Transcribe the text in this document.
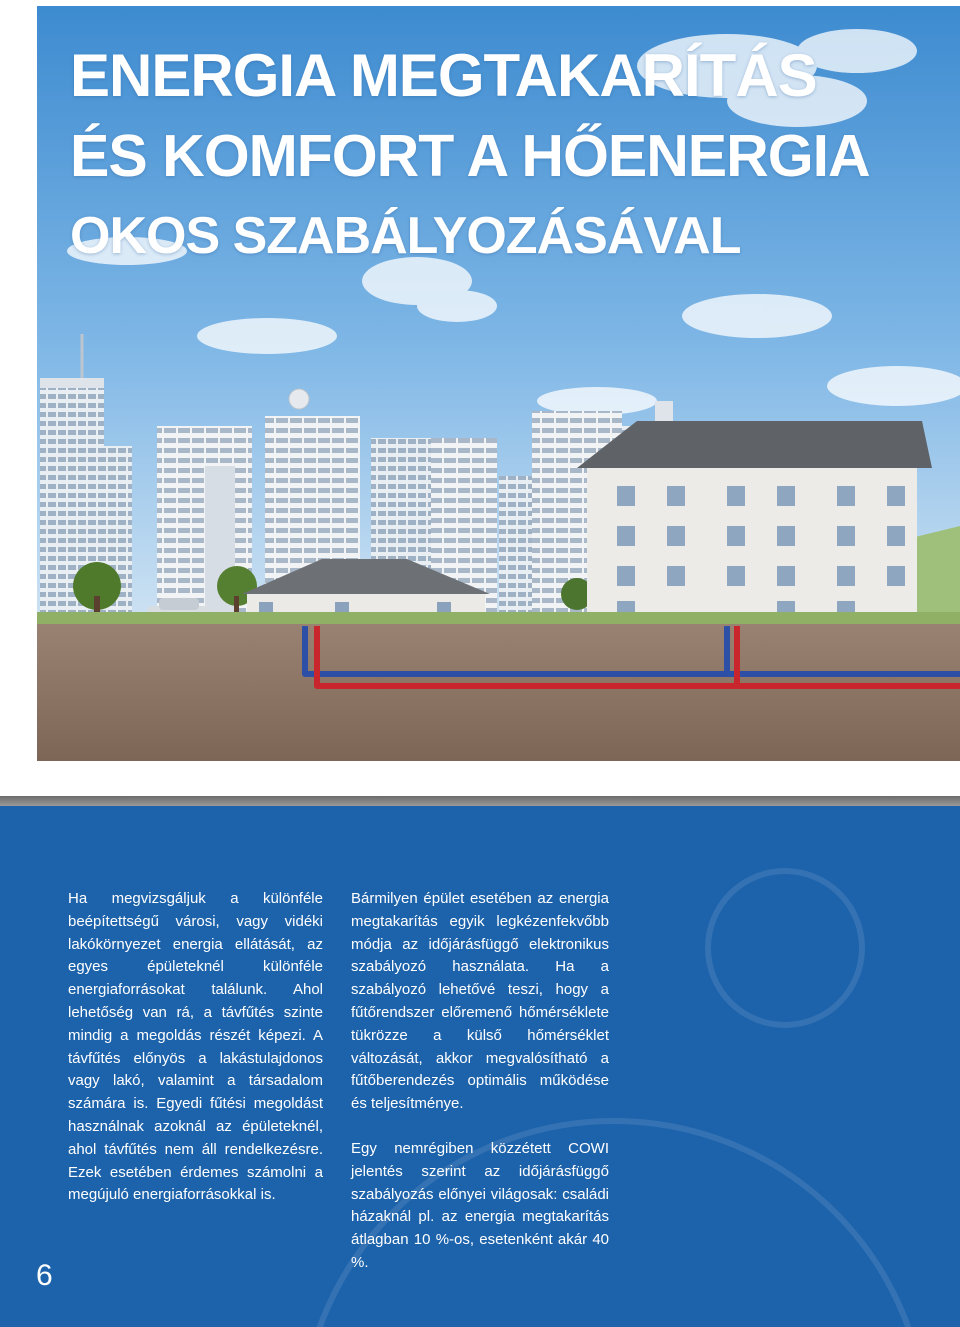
ENERGIA MEGTAKARÍTÁS
ÉS KOMFORT A HŐENERGIA
OKOS SZABÁLYOZÁSÁVAL

Ha megvizsgáljuk a különféle beépítettségű városi, vagy vidéki lakókörnyezet energia ellátását, az egyes épületeknél különféle energiaforrásokat találunk. Ahol lehetőség van rá, a távfűtés szinte mindig a megoldás részét képezi. A távfűtés előnyös a lakástulajdonos vagy lakó, valamint a társadalom számára is. Egyedi fűtési megoldást használnak azoknál az épületeknél, ahol távfűtés nem áll rendelkezésre. Ezek esetében érdemes számolni a megújuló energiaforrásokkal is.

Bármilyen épület esetében az energia megtakarítás egyik legkézenfekvőbb módja az időjárásfüggő elektronikus szabályozó használata. Ha a szabályozó lehetővé teszi, hogy a fűtőrendszer előremenő hőmérséklete tükrözze a külső hőmérséklet változását, akkor megvalósítható a fűtőberendezés optimális működése és teljesítménye.

Egy nemrégiben közzétett COWI jelentés szerint az időjárásfüggő szabályozás előnyei világosak: családi házaknál pl. az energia megtakarítás átlagban 10 %-os, esetenként akár 40 %.

6
